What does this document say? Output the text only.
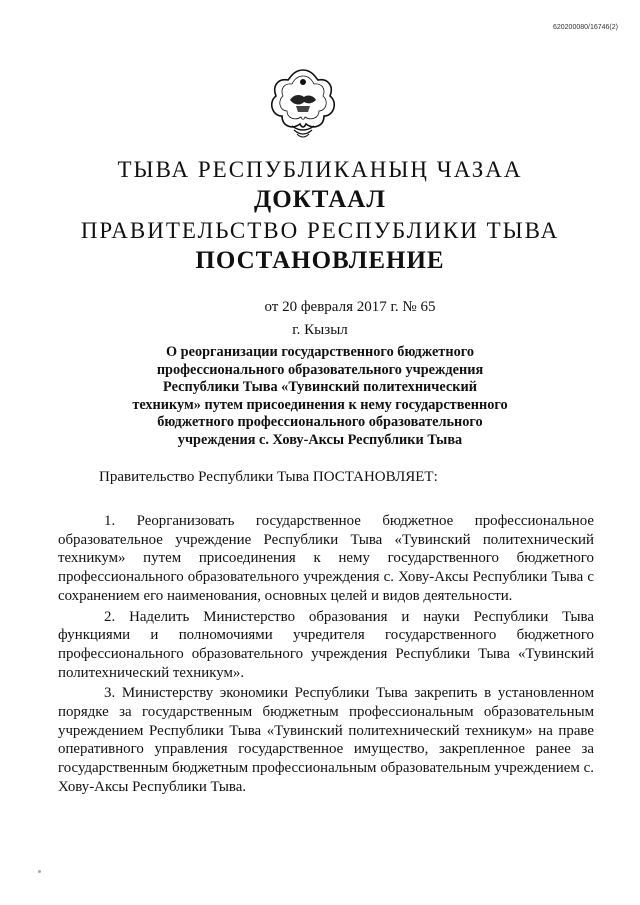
620200080/16746(2)
ТЫВА РЕСПУБЛИКАНЫҢ ЧАЗАА
ДОКТААЛ
ПРАВИТЕЛЬСТВО РЕСПУБЛИКИ ТЫВА
ПОСТАНОВЛЕНИЕ
от 20 февраля 2017 г. № 65
г. Кызыл
О реорганизации государственного бюджетного
профессионального образовательного учреждения
Республики Тыва «Тувинский политехнический
техникум» путем присоединения к нему государственного
бюджетного профессионального образовательного
учреждения с. Хову-Аксы Республики Тыва
Правительство Республики Тыва ПОСТАНОВЛЯЕТ:

1. Реорганизовать государственное бюджетное профессиональное образовательное учреждение Республики Тыва «Тувинский политехнический техникум» путем присоединения к нему государственного бюджетного профессионального образовательного учреждения с. Хову-Аксы Республики Тыва с сохранением его наименования, основных целей и видов деятельности.

2. Наделить Министерство образования и науки Республики Тыва функциями и полномочиями учредителя государственного бюджетного профессионального образовательного учреждения Республики Тыва «Тувинский политехнический техникум».

3. Министерству экономики Республики Тыва закрепить в установленном порядке за государственным бюджетным профессиональным образовательным учреждением Республики Тыва «Тувинский политехнический техникум» на праве оперативного управления государственное имущество, закрепленное ранее за государственным бюджетным профессиональным образовательным учреждением с. Хову-Аксы Республики Тыва.
